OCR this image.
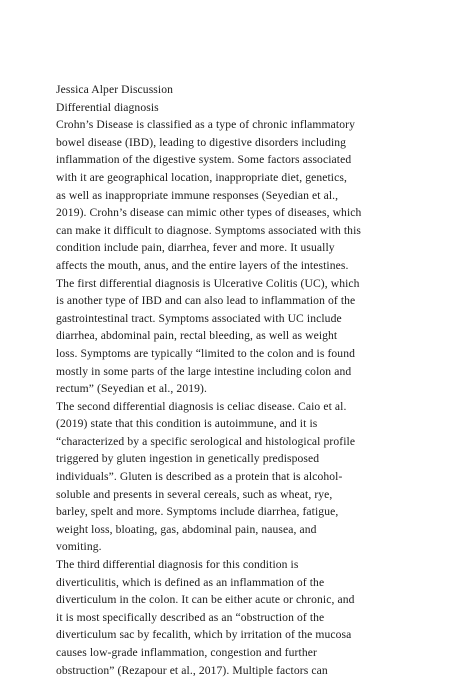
Jessica Alper Discussion
Differential diagnosis
Crohn’s Disease is classified as a type of chronic inflammatory
bowel disease (IBD), leading to digestive disorders including
inflammation of the digestive system. Some factors associated
with it are geographical location, inappropriate diet, genetics,
as well as inappropriate immune responses (Seyedian et al.,
2019). Crohn’s disease can mimic other types of diseases, which
can make it difficult to diagnose. Symptoms associated with this
condition include pain, diarrhea, fever and more. It usually
affects the mouth, anus, and the entire layers of the intestines.
The first differential diagnosis is Ulcerative Colitis (UC), which
is another type of IBD and can also lead to inflammation of the
gastrointestinal tract. Symptoms associated with UC include
diarrhea, abdominal pain, rectal bleeding, as well as weight
loss. Symptoms are typically “limited to the colon and is found
mostly in some parts of the large intestine including colon and
rectum” (Seyedian et al., 2019).
The second differential diagnosis is celiac disease. Caio et al.
(2019) state that this condition is autoimmune, and it is
“characterized by a specific serological and histological profile
triggered by gluten ingestion in genetically predisposed
individuals”. Gluten is described as a protein that is alcohol-
soluble and presents in several cereals, such as wheat, rye,
barley, spelt and more. Symptoms include diarrhea, fatigue,
weight loss, bloating, gas, abdominal pain, nausea, and
vomiting.
The third differential diagnosis for this condition is
diverticulitis, which is defined as an inflammation of the
diverticulum in the colon. It can be either acute or chronic, and
it is most specifically described as an “obstruction of the
diverticulum sac by fecalith, which by irritation of the mucosa
causes low-grade inflammation, congestion and further
obstruction” (Rezapour et al., 2017). Multiple factors can
